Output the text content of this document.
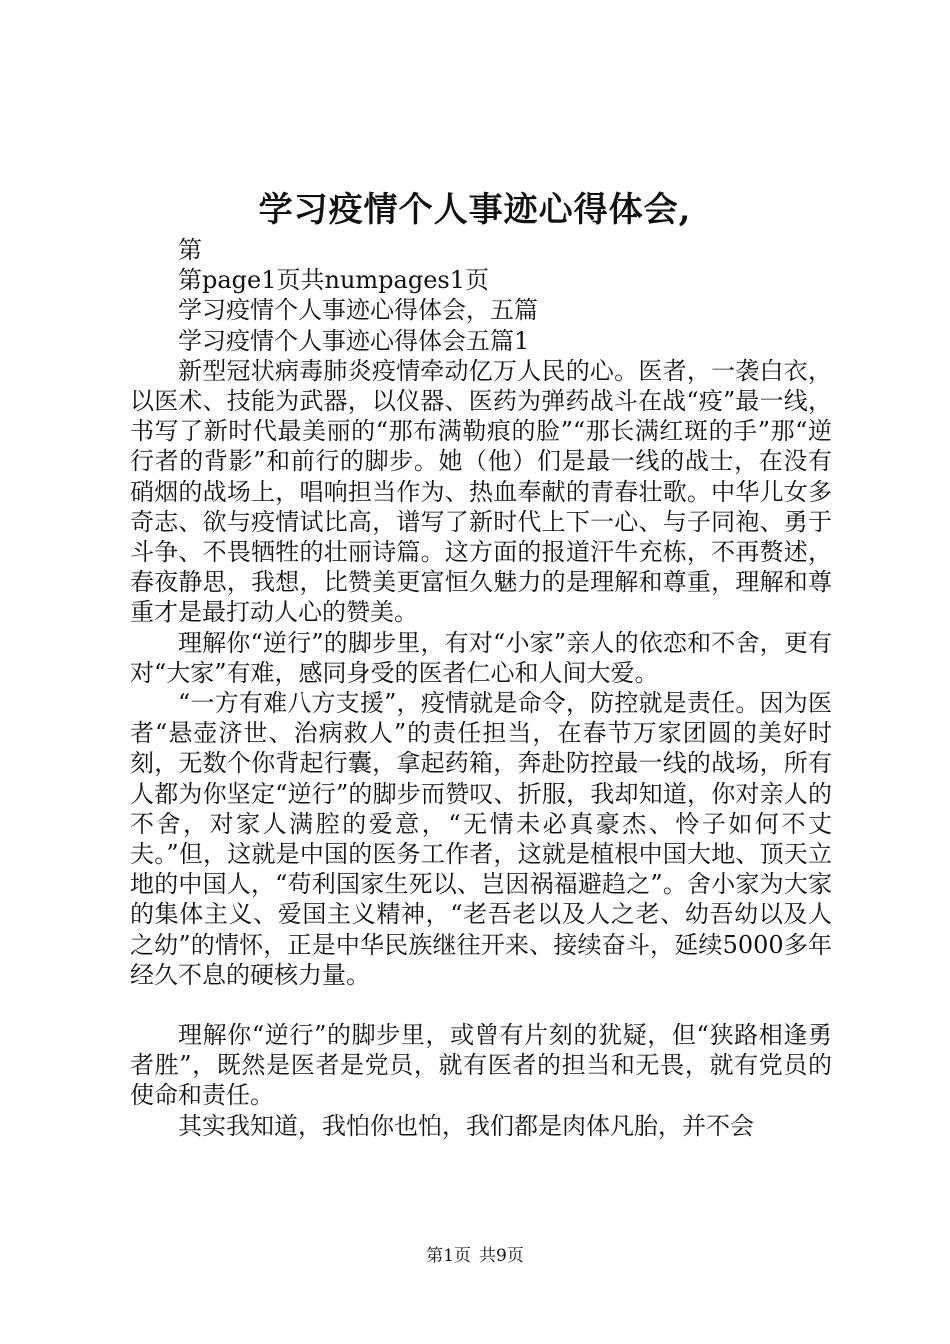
学习疫情个人事迹心得体会,

第

第page1页共numpages1页

学习疫情个人事迹心得体会，五篇

学习疫情个人事迹心得体会五篇1

新型冠状病毒肺炎疫情牵动亿万人民的心。医者，一袭白衣，以医术、技能为武器，以仪器、医药为弹药战斗在战“疫”最一线，书写了新时代最美丽的“那布满勒痕的脸”“那长满红斑的手”那“逆行者的背影”和前行的脚步。她（他）们是最一线的战士，在没有硝烟的战场上，唱响担当作为、热血奉献的青春壮歌。中华儿女多奇志、欲与疫情试比高，谱写了新时代上下一心、与子同袍、勇于斗争、不畏牺牲的壮丽诗篇。这方面的报道汗牛充栋，不再赘述，春夜静思，我想，比赞美更富恒久魅力的是理解和尊重，理解和尊重才是最打动人心的赞美。

理解你“逆行”的脚步里，有对“小家”亲人的依恋和不舍，更有对“大家”有难，感同身受的医者仁心和人间大爱。

“一方有难八方支援”，疫情就是命令，防控就是责任。因为医者“悬壶济世、治病救人”的责任担当，在春节万家团圆的美好时刻，无数个你背起行囊，拿起药箱，奔赴防控最一线的战场，所有人都为你坚定“逆行”的脚步而赞叹、折服，我却知道，你对亲人的不舍，对家人满腔的爱意，“无情未必真豪杰、怜子如何不丈夫。”但，这就是中国的医务工作者，这就是植根中国大地、顶天立地的中国人，“苟利国家生死以、岂因祸福避趋之”。舍小家为大家的集体主义、爱国主义精神，“老吾老以及人之老、幼吾幼以及人之幼”的情怀，正是中华民族继往开来、接续奋斗，延续5000多年经久不息的硬核力量。

理解你“逆行”的脚步里，或曾有片刻的犹疑，但“狭路相逢勇者胜”，既然是医者是党员，就有医者的担当和无畏，就有党员的使命和责任。

其实我知道，我怕你也怕，我们都是肉体凡胎，并不会

第1页 共9页
